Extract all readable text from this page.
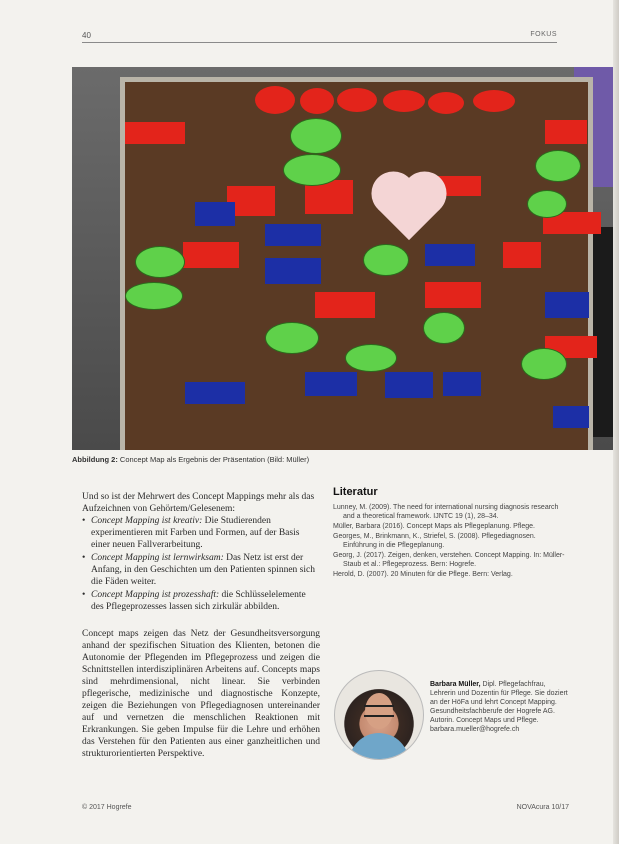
40	FOKUS
Abbildung 2: Concept Map als Ergebnis der Präsentation (Bild: Müller)

Und so ist der Mehrwert des Concept Mappings mehr als das Aufzeichnen von Gehörtem/Gelesenem:

• Concept Mapping ist kreativ: Die Studierenden experimentieren mit Farben und Formen, auf der Basis einer neuen Fallverarbeitung.
• Concept Mapping ist lernwirksam: Das Netz ist erst der Anfang, in den Geschichten um den Patienten spinnen sich die Fäden weiter.
• Concept Mapping ist prozesshaft: die Schlüsselelemente des Pflegeprozesses lassen sich zirkulär abbilden.

Concept maps zeigen das Netz der Gesundheitsversorgung anhand der spezifischen Situation des Klienten, betonen die Autonomie der Pflegenden im Pflegeprozess und zeigen die Schnittstellen interdisziplinären Arbeitens auf. Concepts maps sind mehrdimensional, nicht linear. Sie verbinden pflegerische, medizinische und diagnostische Konzepte, zeigen die Beziehungen von Pflegediagnosen untereinander auf und vernetzen die menschlichen Reaktionen mit Erkrankungen. Sie geben Impulse für die Lehre und erhöhen das Verstehen für den Patienten aus einer ganzheitlichen und strukturorientierten Perspektive.

Literatur
Lunney, M. (2009). The need for international nursing diagnosis research and a theoretical framework. IJNTC 19 (1), 28–34.
Müller, Barbara (2016). Concept Maps als Pflegeplanung. Pflege.
Georges, M., Brinkmann, K., Striefel, S. (2008). Pflegediagnosen. Einführung in die Pflegeplanung.
Georg, J. (2017). Zeigen, denken, verstehen. Concept Mapping. In: Müller-Staub et al.: Pflegeprozess. Bern: Hogrefe.
Herold, D. (2007). 20 Minuten für die Pflege. Bern: Verlag.
Barbara Müller, Dipl. Pflegefachfrau, Lehrerin und Dozentin für Pflege. Sie doziert an der HöFa und lehrt Concept Mapping. Gesundheitsfachberufe der Hogrefe AG. Autorin. Concept Maps und Pflege. barbara.mueller@hogrefe.ch
© 2017 Hogrefe	NOVAcura 10/17
